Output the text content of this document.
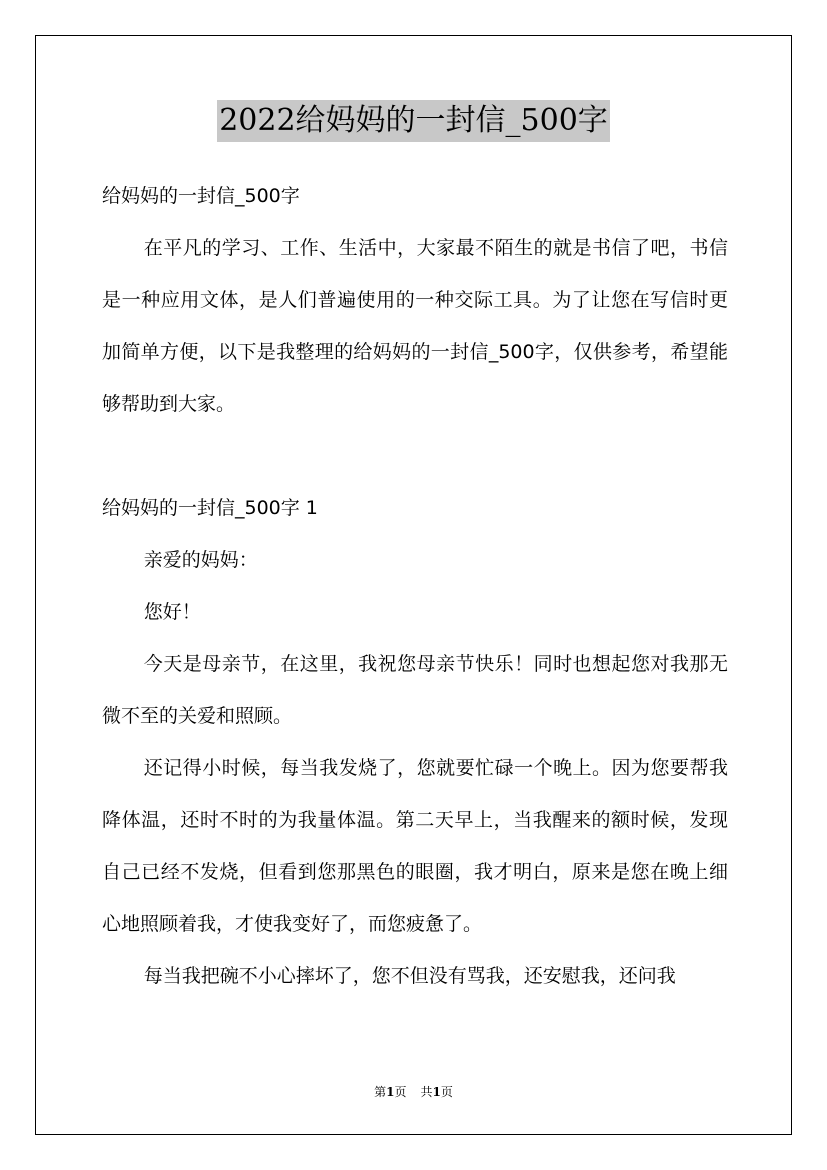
2022给妈妈的一封信_500字

给妈妈的一封信_500字

在平凡的学习、工作、生活中，大家最不陌生的就是书信了吧，书信是一种应用文体，是人们普遍使用的一种交际工具。为了让您在写信时更加简单方便，以下是我整理的给妈妈的一封信_500字，仅供参考，希望能够帮助到大家。

给妈妈的一封信_500字 1

亲爱的妈妈：

您好！

今天是母亲节，在这里，我祝您母亲节快乐！同时也想起您对我那无微不至的关爱和照顾。

还记得小时候，每当我发烧了，您就要忙碌一个晚上。因为您要帮我降体温，还时不时的为我量体温。第二天早上，当我醒来的额时候，发现自己已经不发烧，但看到您那黑色的眼圈，我才明白，原来是您在晚上细心地照顾着我，才使我变好了，而您疲惫了。

每当我把碗不小心摔坏了，您不但没有骂我，还安慰我，还问我

第1页 共1页
